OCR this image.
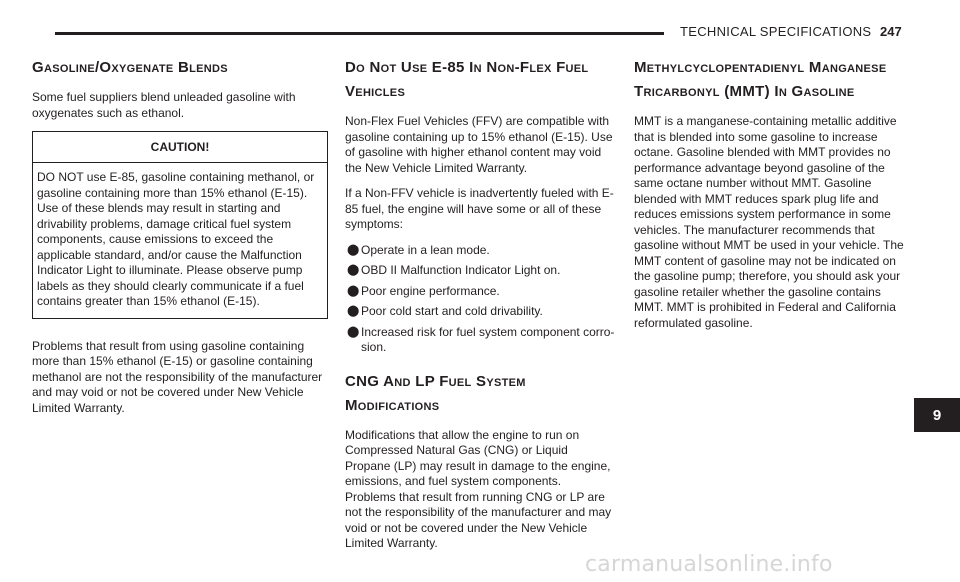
TECHNICAL SPECIFICATIONS 247
Gasoline/Oxygenate Blends

Some fuel suppliers blend unleaded gasoline with oxygenates such as ethanol.

CAUTION!
DO NOT use E-85, gasoline containing methanol, or gasoline containing more than 15% ethanol (E-15). Use of these blends may result in starting and drivability problems, damage critical fuel system components, cause emissions to exceed the applicable standard, and/or cause the Malfunction Indicator Light to illuminate. Please observe pump labels as they should clearly communicate if a fuel contains greater than 15% ethanol (E-15).

Problems that result from using gasoline containing more than 15% ethanol (E-15) or gasoline containing methanol are not the responsibility of the manufacturer and may void or not be covered under New Vehicle Limited Warranty.

Do Not Use E-85 In Non-Flex Fuel Vehicles

Non-Flex Fuel Vehicles (FFV) are compatible with gasoline containing up to 15% ethanol (E-15). Use of gasoline with higher ethanol content may void the New Vehicle Limited Warranty.

If a Non-FFV vehicle is inadvertently fueled with E-85 fuel, the engine will have some or all of these symptoms:

⬤ Operate in a lean mode.
⬤ OBD II Malfunction Indicator Light on.
⬤ Poor engine performance.
⬤ Poor cold start and cold drivability.
⬤ Increased risk for fuel system component corro-sion.
CNG And LP Fuel System Modifications

Modifications that allow the engine to run on Compressed Natural Gas (CNG) or Liquid Propane (LP) may result in damage to the engine, emissions, and fuel system components. Problems that result from running CNG or LP are not the responsibility of the manufacturer and may void or not be covered under the New Vehicle Limited Warranty.

Methylcyclopentadienyl Manganese Tricarbonyl (MMT) In Gasoline

MMT is a manganese-containing metallic additive that is blended into some gasoline to increase octane. Gasoline blended with MMT provides no performance advantage beyond gasoline of the same octane number without MMT. Gasoline blended with MMT reduces spark plug life and reduces emissions system performance in some vehicles. The manufacturer recommends that gasoline without MMT be used in your vehicle. The MMT content of gasoline may not be indicated on the gasoline pump; therefore, you should ask your gasoline retailer whether the gasoline contains MMT. MMT is prohibited in Federal and California reformulated gasoline.

9
carmanualsonline.info
